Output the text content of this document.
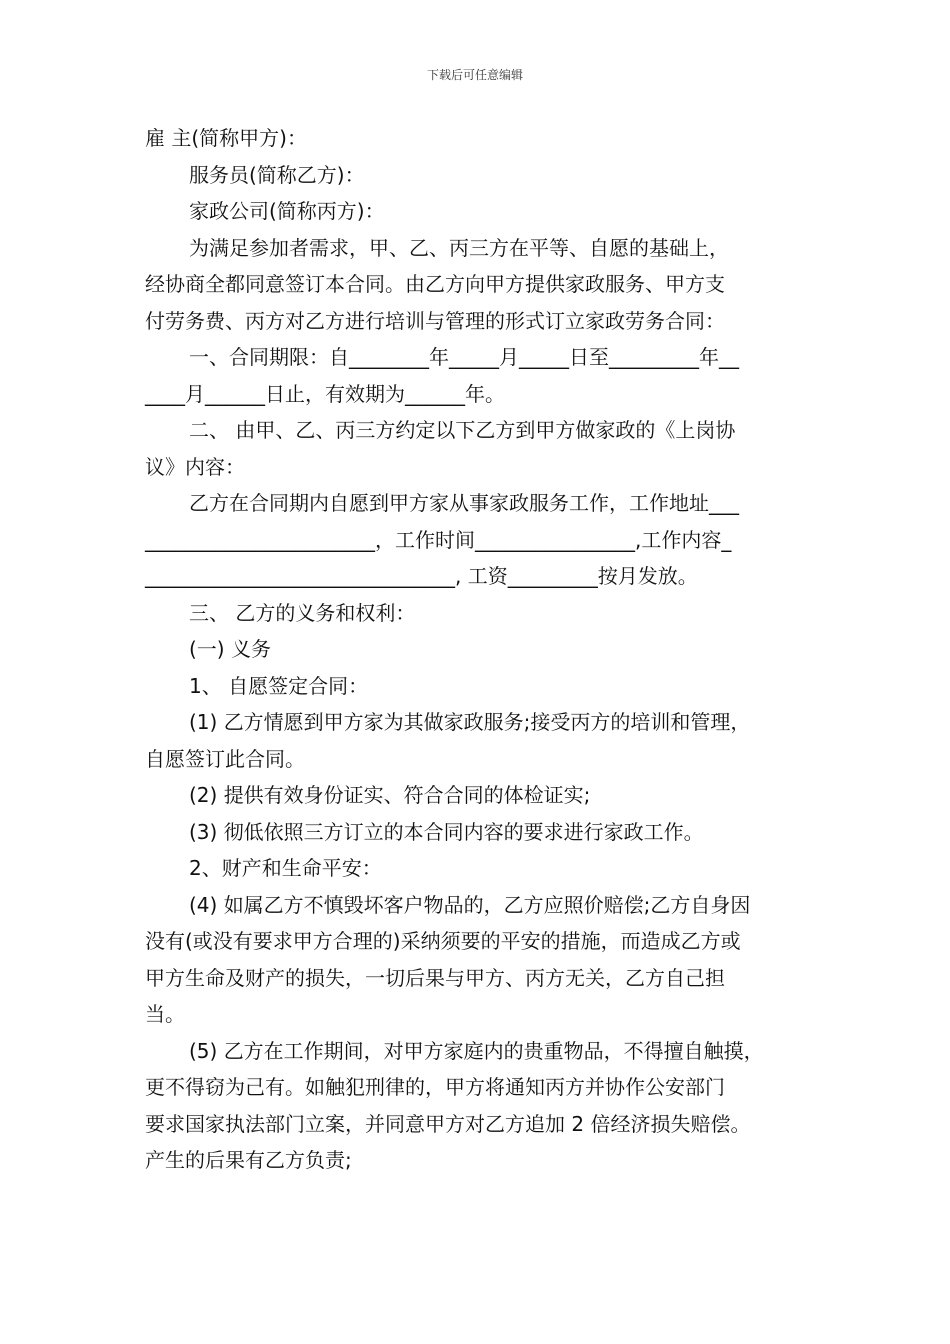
下载后可任意编辑

雇 主(简称甲方)：

服务员(简称乙方)：

家政公司(简称丙方)：

为满足参加者需求，甲、乙、丙三方在平等、自愿的基础上，

经协商全都同意签订本合同。由乙方向甲方提供家政服务、甲方支

付劳务费、丙方对乙方进行培训与管理的形式订立家政劳务合同：

一、合同期限：自________年_____月_____日至_________年__

____月______日止，有效期为______年。

二、 由甲、乙、丙三方约定以下乙方到甲方做家政的《上岗协

议》内容：

乙方在合同期内自愿到甲方家从事家政服务工作，工作地址___

_______________________，工作时间________________,工作内容_

_______________________________, 工资_________按月发放。

三、 乙方的义务和权利：

(一) 义务

1、 自愿签定合同：

(1) 乙方情愿到甲方家为其做家政服务;接受丙方的培训和管理，

自愿签订此合同。

(2) 提供有效身份证实、符合合同的体检证实;

(3) 彻低依照三方订立的本合同内容的要求进行家政工作。

2、财产和生命平安：

(4) 如属乙方不慎毁坏客户物品的，乙方应照价赔偿;乙方自身因

没有(或没有要求甲方合理的)采纳须要的平安的措施，而造成乙方或

甲方生命及财产的损失，一切后果与甲方、丙方无关，乙方自己担

当。

(5) 乙方在工作期间，对甲方家庭内的贵重物品，不得擅自触摸，

更不得窃为己有。如触犯刑律的，甲方将通知丙方并协作公安部门

要求国家执法部门立案，并同意甲方对乙方追加 2 倍经济损失赔偿。

产生的后果有乙方负责;
